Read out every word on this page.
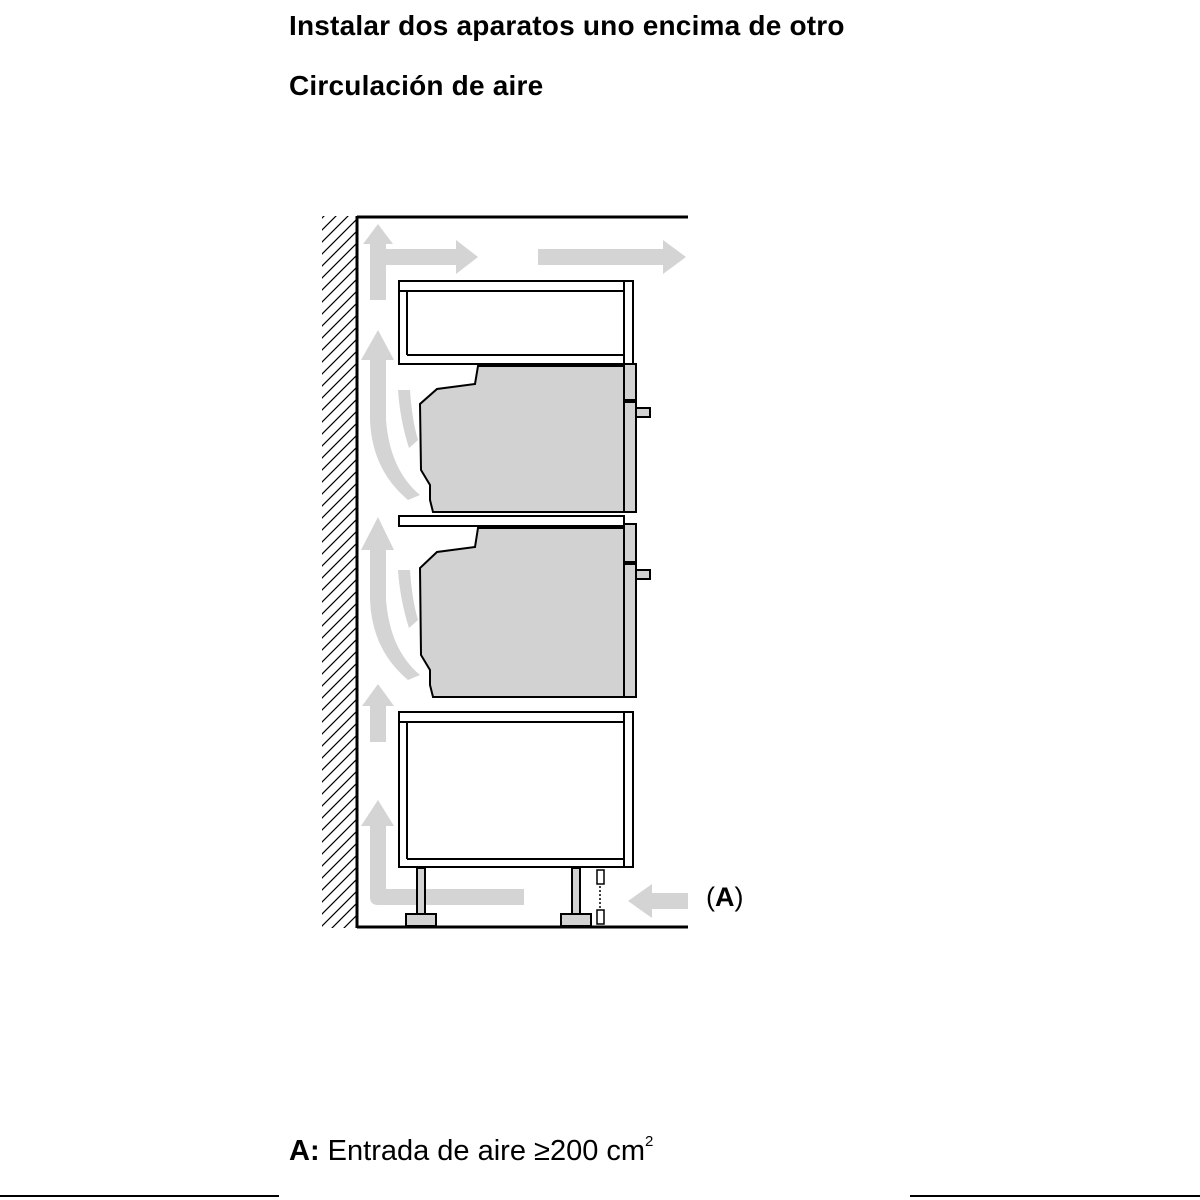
Instalar dos aparatos uno encima de otro
Circulación de aire
(A)
A: Entrada de aire ≥200 $cm^2$
